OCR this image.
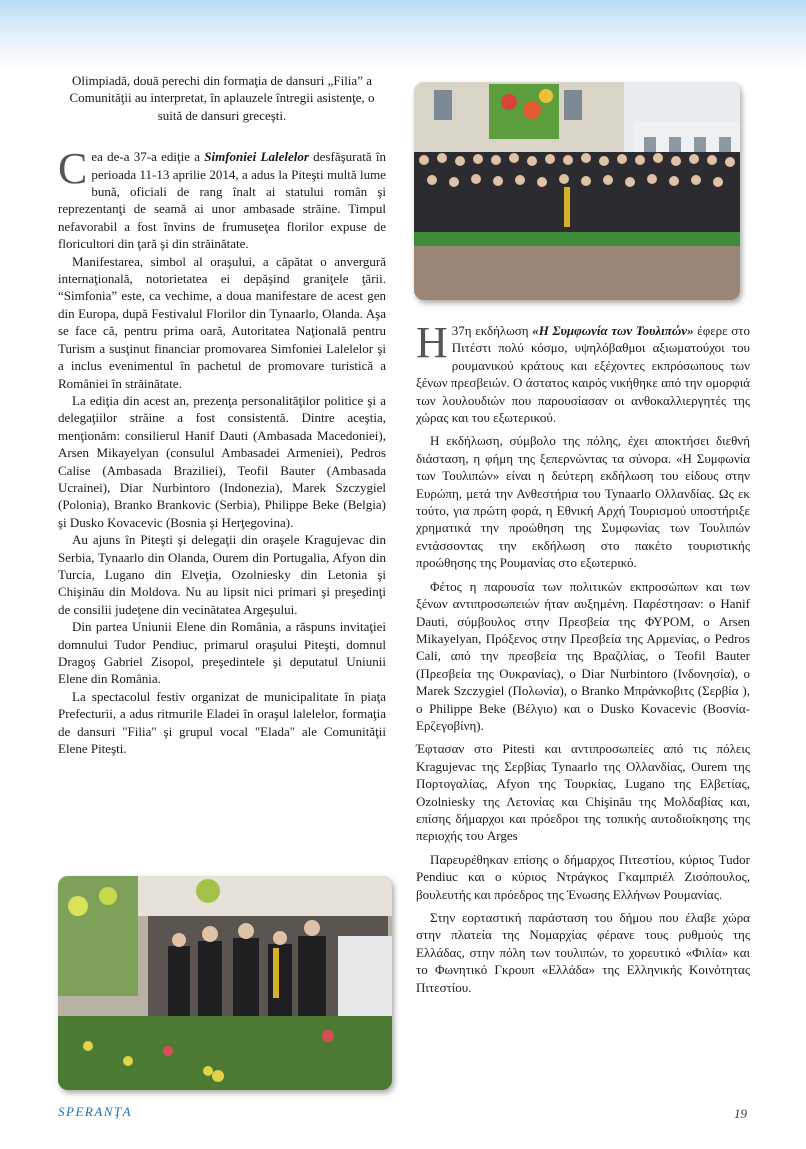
Olimpiadă, două perechi din formaţia de dansuri „Filia” a Comunităţii au interpretat, în aplauzele întregii asistenţe, o suită de dansuri greceşti.

Cea de-a 37-a ediţie a Simfoniei Lalelelor desfăşurată în perioada 11-13 aprilie 2014, a adus la Piteşti multă lume bună, oficiali de rang înalt ai statului român şi reprezentanţi de seamă ai unor ambasade străine. Timpul nefavorabil a fost învins de frumuseţea florilor expuse de floricultori din ţară şi din străinătate.

Manifestarea, simbol al oraşului, a căpătat o anvergură internaţională, notorietatea ei depăşind graniţele ţării. “Simfonia” este, ca vechime, a doua manifestare de acest gen din Europa, după Festivalul Florilor din Tynaarlo, Olanda. Aşa se face că, pentru prima oară, Autoritatea Naţională pentru Turism a susţinut financiar promovarea Simfoniei Lalelelor şi a inclus evenimentul în pachetul de promovare turistică a României în străinătate.

La ediţia din acest an, prezenţa personalităţilor politice şi a delegaţiilor străine a fost consistentă. Dintre aceştia, menţionăm: consilierul Hanif Dauti (Ambasada Macedoniei), Arsen Mikayelyan (consulul Ambasadei Armeniei), Pedros Calise (Ambasada Braziliei), Teofil Bauter (Ambasada Ucrainei), Diar Nurbintoro (Indonezia), Marek Szczygiel (Polonia), Branko Brankovic (Serbia), Philippe Beke (Belgia) şi Dusko Kovacevic (Bosnia şi Herţegovina).

Au ajuns în Piteşti şi delegaţii din oraşele Kragujevac din Serbia, Tynaarlo din Olanda, Ourem din Portugalia, Afyon din Turcia, Lugano din Elveţia, Ozolniesky din Letonia şi Chişinău din Moldova. Nu au lipsit nici primari şi preşedinţi de consilii judeţene din vecinătatea Argeşului.

Din partea Uniunii Elene din România, a răspuns invitaţiei domnului Tudor Pendiuc, primarul oraşului Piteşti, domnul Dragoş Gabriel Zisopol, preşedintele şi deputatul Uniunii Elene din România.

La spectacolul festiv organizat de municipalitate în piaţa Prefecturii, a adus ritmurile Eladei în oraşul lalelelor, formaţia de dansuri "Filia" şi grupul vocal "Elada" ale Comunităţii Elene Piteşti.

Η 37η εκδήλωση «Η Συμφωνία των Τουλιπών» έφερε στο Πιτέστι πολύ κόσμο, υψηλόβαθμοι αξιωματούχοι του ρουμανικού κράτους και εξέχοντες εκπρόσωπους των ξένων πρεσβειών. Ο άστατος καιρός νικήθηκε από την ομορφιά των λουλουδιών που παρουσίασαν οι ανθοκαλλιεργητές της χώρας και του εξωτερικού.

Η εκδήλωση, σύμβολο της πόλης, έχει αποκτήσει διεθνή διάσταση, η φήμη της ξεπερνώντας τα σύνορα. «Η Συμφωνία των Τουλιπών» είναι η δεύτερη εκδήλωση του είδους στην Ευρώπη, μετά την Ανθεστήρια του Tynaarlo Ολλανδίας. Ως εκ τούτο, για πρώτη φορά, η Εθνική Αρχή Τουρισμού υποστήριξε χρηματικά την προώθηση της Συμφωνίας των Τουλιπών εντάσσοντας την εκδήλωση στο πακέτο τουριστικής προώθησης της Ρουμανίας στο εξωτερικό.

Φέτος η παρουσία των πολιτικών εκπροσώπων και των ξένων αντιπροσωπειών ήταν αυξημένη. Παρέστησαν: ο Hanif Dauti, σύμβουλος στην Πρεσβεία της ΦΥΡΟΜ, ο Arsen Mikayelyan, Πρόξενος στην Πρεσβεία της Αρμενίας, ο Pedros Cali, από την πρεσβεία της Βραζιλίας, ο Teofil Bauter (Πρεσβεία της Ουκρανίας), ο Diar Nurbintoro (Ινδονησία), ο Marek Szczygiel (Πολωνία), ο Branko Μπράνκοβιτς (Σερβία ), ο Philippe Beke (Βέλγιο) και ο Dusko Kovacevic (Βοσνία-Ερζεγοβίνη).

Έφτασαν στο Pitesti και αντιπροσωπείες από τις πόλεις Kragujevac της Σερβίας Tynaarlo της Ολλανδίας, Ourem της Πορτογαλίας, Afyon της Τουρκίας, Lugano της Ελβετίας, Ozolniesky της Λετονίας και Chişinău της Μολδαβίας και, επίσης δήμαρχοι και πρόεδροι της τοπικής αυτοδιοίκησης της περιοχής του Arges

Παρευρέθηκαν επίσης ο δήμαρχος Πιτεστίου, κύριος Tudor Pendiuc και ο κύριος Ντράγκος Γκαμπριέλ Ζισόπουλος, βουλευτής και πρόεδρος της Ένωσης Ελλήνων Ρουμανίας.

Στην εορταστική παράσταση του δήμου που έλαβε χώρα στην πλατεία της Νομαρχίας φέρανε τους ρυθμούς της Ελλάδας, στην πόλη των τουλιπών, το χορευτικό «Φιλία» και το Φωνητικό Γκρουπ «Ελλάδα» της Ελληνικής Κοινότητας Πιτεστίου.

SPERANŢA	19
